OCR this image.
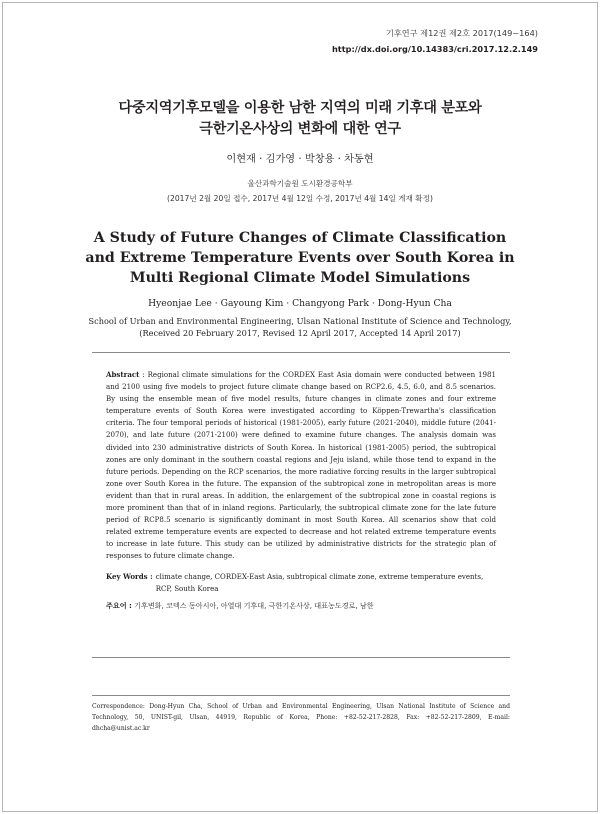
기후연구 제12권 제2호 2017(149~164)
http://dx.doi.org/10.14383/cri.2017.12.2.149
다중지역기후모델을 이용한 남한 지역의 미래 기후대 분포와
극한기온사상의 변화에 대한 연구
이현재 · 김가영 · 박창용 · 차동현
울산과학기술원 도시환경공학부
(2017년 2월 20일 접수, 2017년 4월 12일 수정, 2017년 4월 14일 게재 확정)
A Study of Future Changes of Climate Classification and Extreme Temperature Events over South Korea in Multi Regional Climate Model Simulations
Hyeonjae Lee · Gayoung Kim · Changyong Park · Dong-Hyun Cha
School of Urban and Environmental Engineering, Ulsan National Institute of Science and Technology,
(Received 20 February 2017, Revised 12 April 2017, Accepted 14 April 2017)

Abstract : Regional climate simulations for the CORDEX East Asia domain were conducted between 1981 and 2100 using five models to project future climate change based on RCP2.6, 4.5, 6.0, and 8.5 scenarios. By using the ensemble mean of five model results, future changes in climate zones and four extreme temperature events of South Korea were investigated according to Köppen-Trewartha's classification criteria. The four temporal periods of historical (1981-2005), early future (2021-2040), middle future (2041-2070), and late future (2071-2100) were defined to examine future changes. The analysis domain was divided into 230 administrative districts of South Korea. In historical (1981-2005) period, the subtropical zones are only dominant in the southern coastal regions and Jeju island, while those tend to expand in the future periods. Depending on the RCP scenarios, the more radiative forcing results in the larger subtropical zone over South Korea in the future. The expansion of the subtropical zone in metropolitan areas is more evident than that in rural areas. In addition, the enlargement of the subtropical zone in coastal regions is more prominent than that of in inland regions. Particularly, the subtropical climate zone for the late future period of RCP8.5 scenario is significantly dominant in most South Korea. All scenarios show that cold related extreme temperature events are expected to decrease and hot related extreme temperature events to increase in late future. This study can be utilized by administrative districts for the strategic plan of responses to future climate change.

Key Words : climate change, CORDEX-East Asia, subtropical climate zone, extreme temperature events, RCP, South Korea
주요어 : 기후변화, 코덱스 동아시아, 아열대 기후대, 극한기온사상, 대표농도경로, 남한
Correspondence: Dong-Hyun Cha, School of Urban and Environmental Engineering, Ulsan National Institute of Science and Technology, 50, UNIST-gil, Ulsan, 44919, Republic of Korea, Phone: +82-52-217-2828, Fax: +82-52-217-2809, E-mail: dhcha@unist.ac.kr
